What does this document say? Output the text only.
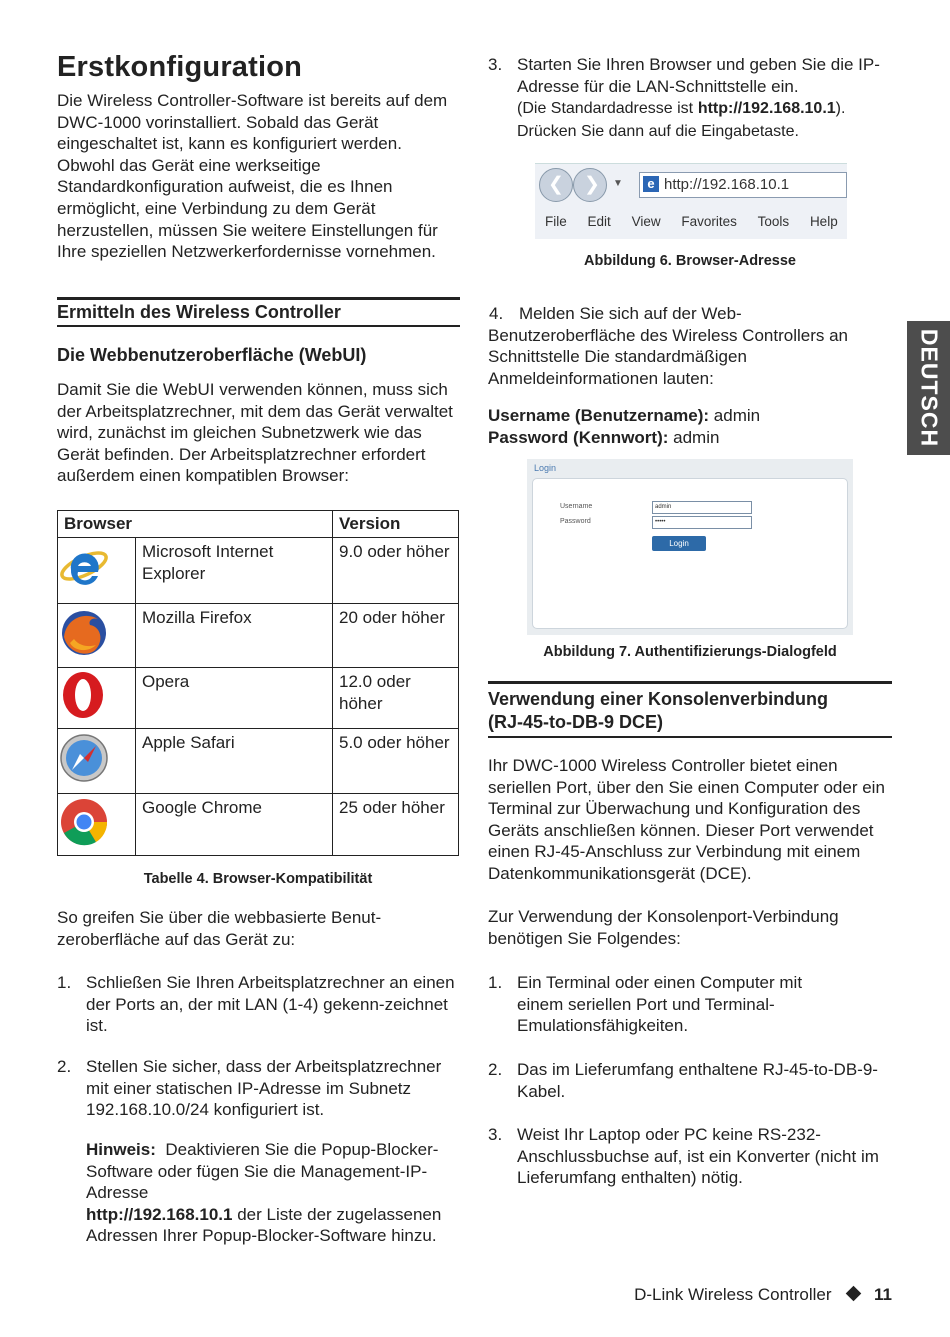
Erstkonfiguration

Die Wireless Controller-Software ist bereits auf dem DWC-1000 vorinstalliert. Sobald das Gerät eingeschaltet ist, kann es konfiguriert werden. Obwohl das Gerät eine werkseitige Standardkonfiguration aufweist, die es Ihnen ermöglicht, eine Verbindung zu dem Gerät herzustellen, müssen Sie weitere Einstellungen für Ihre speziellen Netzwerkerfordernisse vornehmen.

Ermitteln des Wireless Controller
Die Webbenutzeroberfläche (WebUI)

Damit Sie die WebUI verwenden können, muss sich der Arbeitsplatzrechner, mit dem das Gerät verwaltet wird, zunächst im gleichen Subnetzwerk wie das Gerät befinden. Der Arbeitsplatzrechner erfordert außerdem einen kompatiblen Browser:

Browser		Version
	Microsoft Internet Explorer	9.0 oder höher
	Mozilla Firefox	20 oder höher
	Opera	12.0 oder höher
	Apple Safari	5.0 oder höher
	Google Chrome	25 oder höher
Tabelle 4. Browser-Kompatibilität

So greifen Sie über die webbasierte Benut-zeroberfläche auf das Gerät zu:

1. Schließen Sie Ihren Arbeitsplatzrechner an einen der Ports an, der mit LAN (1-4) gekenn-zeichnet ist.
2. Stellen Sie sicher, dass der Arbeitsplatzrechner mit einer statischen IP-Adresse im Subnetz 192.168.10.0/24 konfiguriert ist.
Hinweis: Deaktivieren Sie die Popup-Blocker-Software oder fügen Sie die Management-IP-Adresse
http://192.168.10.1 der Liste der zugelassenen Adressen Ihrer Popup-Blocker-Software hinzu.
3. Starten Sie Ihren Browser und geben Sie die IP-Adresse für die LAN-Schnittstelle ein.
(Die Standardadresse ist http://192.168.10.1).
Drücken Sie dann auf die Eingabetaste.
❮ ❯ ▼	e http://192.168.10.1
File Edit View Favorites Tools Help
Abbildung 6. Browser-Adresse
4. Melden Sie sich auf der Web-Benutzeroberfläche des Wireless Controllers an Schnittstelle Die standardmäßigen Anmeldeinformationen lauten:
Username (Benutzername): admin
Password (Kennwort): admin
Login
Username
Password
admin
•••••
Login
Abbildung 7. Authentifizierungs-Dialogfeld
Verwendung einer Konsolenverbindung
(RJ-45-to-DB-9 DCE)

Ihr DWC-1000 Wireless Controller bietet einen seriellen Port, über den Sie einen Computer oder ein Terminal zur Überwachung und Konfiguration des Geräts anschließen können. Dieser Port verwendet einen RJ-45-Anschluss zur Verbindung mit einem Datenkommunikationsgerät (DCE).

Zur Verwendung der Konsolenport-Verbindung benötigen Sie Folgendes:

1. Ein Terminal oder einen Computer mit einem seriellen Port und Terminal-Emulationsfähigkeiten.
2. Das im Lieferumfang enthaltene RJ-45-to-DB-9-Kabel.
3. Weist Ihr Laptop oder PC keine RS-232-Anschlussbuchse auf, ist ein Konverter (nicht im Lieferumfang enthalten) nötig.
DEUTSCH
D-Link Wireless Controller 11
